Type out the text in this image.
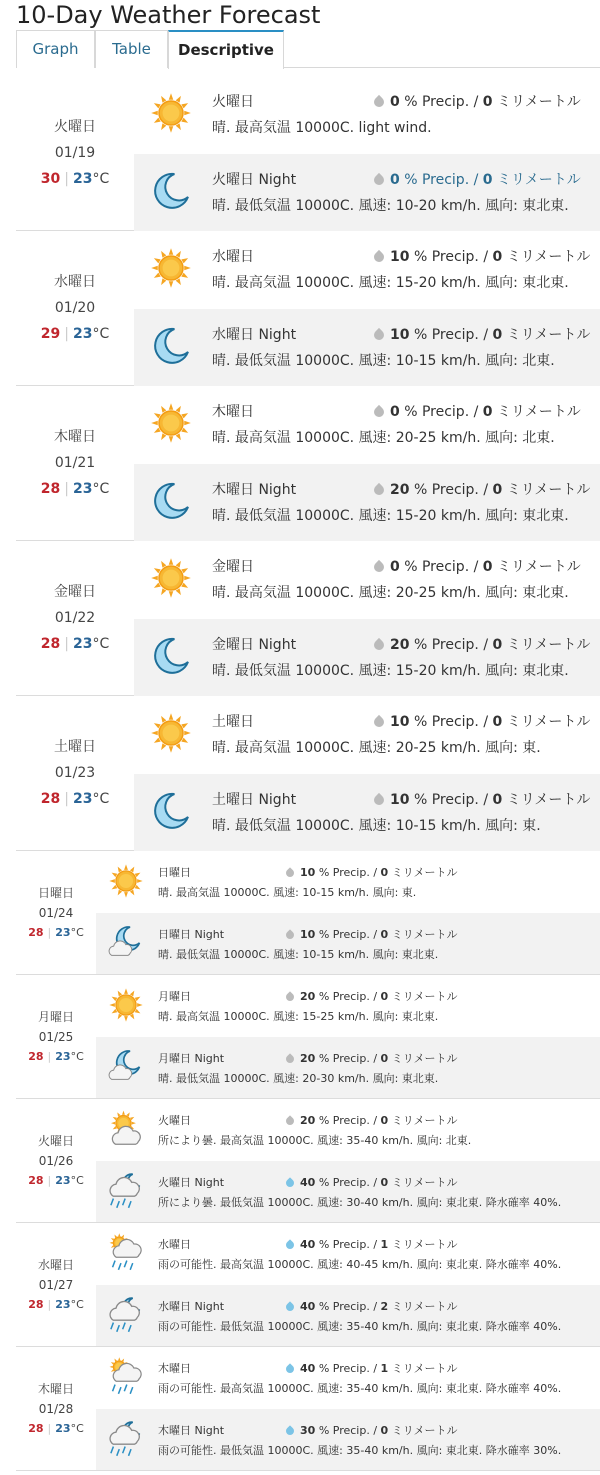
10-Day Weather Forecast
Graph	Table	Descriptive
火曜日
01/19
30 | 23°C
火曜日	0 % Precip. / 0 ミリメートル
晴. 最高気温 10000C. light wind.
火曜日 Night	0 % Precip. / 0 ミリメートル
晴. 最低気温 10000C. 風速: 10-20 km/h. 風向: 東北東.
水曜日
01/20
29 | 23°C
水曜日	10 % Precip. / 0 ミリメートル
晴. 最高気温 10000C. 風速: 15-20 km/h. 風向: 東北東.
水曜日 Night	10 % Precip. / 0 ミリメートル
晴. 最低気温 10000C. 風速: 10-15 km/h. 風向: 北東.
木曜日
01/21
28 | 23°C
木曜日	0 % Precip. / 0 ミリメートル
晴. 最高気温 10000C. 風速: 20-25 km/h. 風向: 北東.
木曜日 Night	20 % Precip. / 0 ミリメートル
晴. 最低気温 10000C. 風速: 15-20 km/h. 風向: 東北東.
金曜日
01/22
28 | 23°C
金曜日	0 % Precip. / 0 ミリメートル
晴. 最高気温 10000C. 風速: 20-25 km/h. 風向: 東北東.
金曜日 Night	20 % Precip. / 0 ミリメートル
晴. 最低気温 10000C. 風速: 15-20 km/h. 風向: 東北東.
土曜日
01/23
28 | 23°C
土曜日	10 % Precip. / 0 ミリメートル
晴. 最高気温 10000C. 風速: 20-25 km/h. 風向: 東.
土曜日 Night	10 % Precip. / 0 ミリメートル
晴. 最低気温 10000C. 風速: 10-15 km/h. 風向: 東.
日曜日
01/24
28 | 23°C
日曜日	10 % Precip. / 0 ミリメートル
晴. 最高気温 10000C. 風速: 10-15 km/h. 風向: 東.
日曜日 Night	10 % Precip. / 0 ミリメートル
晴. 最低気温 10000C. 風速: 10-15 km/h. 風向: 東北東.
月曜日
01/25
28 | 23°C
月曜日	20 % Precip. / 0 ミリメートル
晴. 最高気温 10000C. 風速: 15-25 km/h. 風向: 東北東.
月曜日 Night	20 % Precip. / 0 ミリメートル
晴. 最低気温 10000C. 風速: 20-30 km/h. 風向: 東北東.
火曜日
01/26
28 | 23°C
火曜日	20 % Precip. / 0 ミリメートル
所により曇. 最高気温 10000C. 風速: 35-40 km/h. 風向: 北東.
火曜日 Night	40 % Precip. / 0 ミリメートル
所により曇. 最低気温 10000C. 風速: 30-40 km/h. 風向: 東北東. 降水確率 40%.
水曜日
01/27
28 | 23°C
水曜日	40 % Precip. / 1 ミリメートル
雨の可能性. 最高気温 10000C. 風速: 40-45 km/h. 風向: 東北東. 降水確率 40%.
水曜日 Night	40 % Precip. / 2 ミリメートル
雨の可能性. 最低気温 10000C. 風速: 35-40 km/h. 風向: 東北東. 降水確率 40%.
木曜日
01/28
28 | 23°C
木曜日	40 % Precip. / 1 ミリメートル
雨の可能性. 最高気温 10000C. 風速: 35-40 km/h. 風向: 東北東. 降水確率 40%.
木曜日 Night	30 % Precip. / 0 ミリメートル
雨の可能性. 最低気温 10000C. 風速: 35-40 km/h. 風向: 東北東. 降水確率 30%.
